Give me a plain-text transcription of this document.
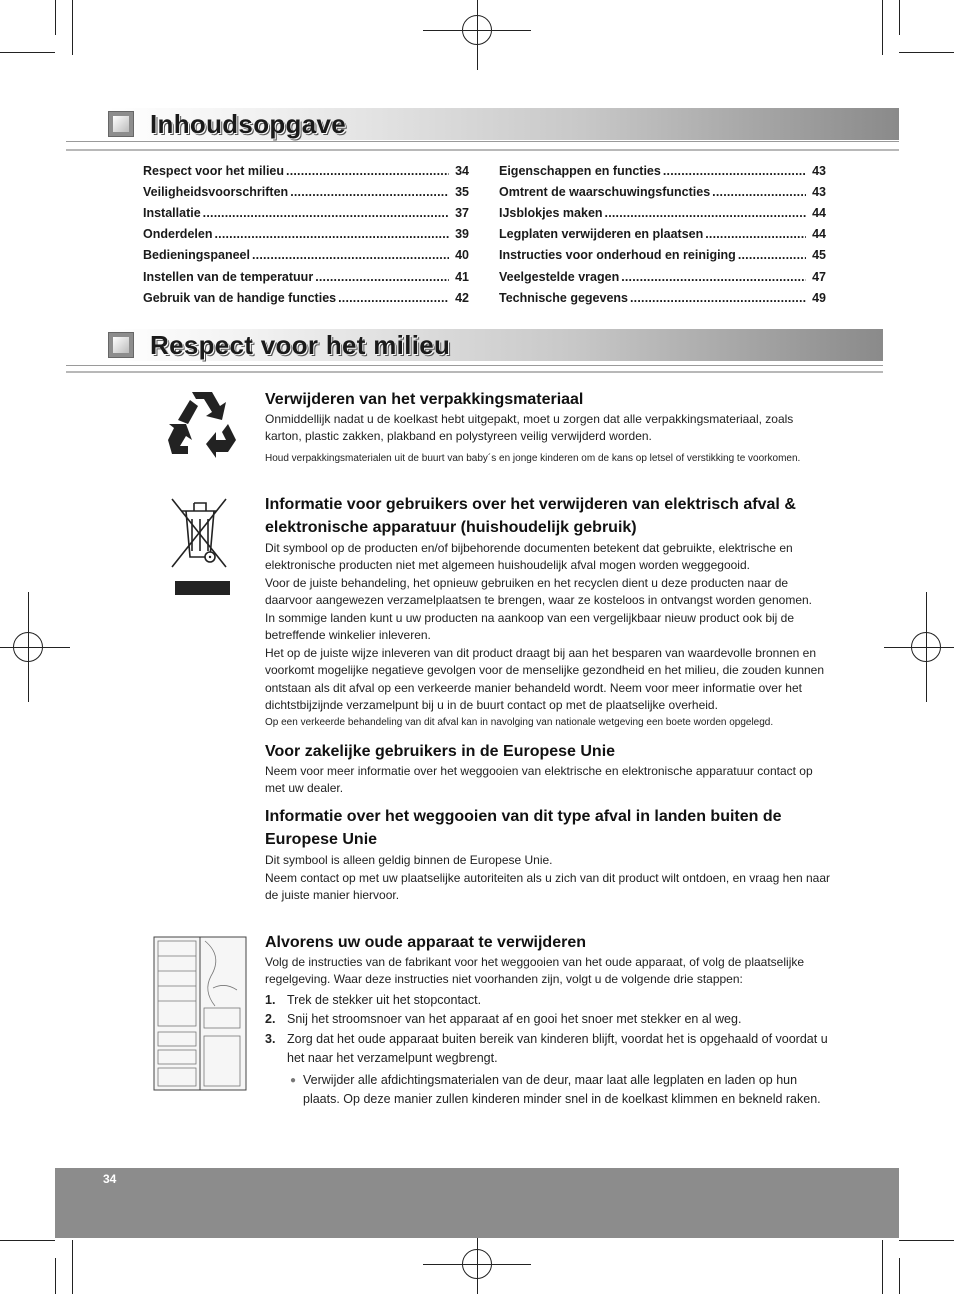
Inhoudsopgave
Respect voor het milieu .....	34
Veiligheidsvoorschriften .....	35
Installatie .....	37
Onderdelen .....	39
Bedieningspaneel .....	40
Instellen van de temperatuur .....	41
Gebruik van de handige functies .....	42
Eigenschappen en functies .....	43
Omtrent de waarschuwingsfuncties .....	43
IJsblokjes maken .....	44
Legplaten verwijderen en plaatsen .....	44
Instructies voor onderhoud en reiniging .....	45
Veelgestelde vragen .....	47
Technische gegevens .....	49
Respect voor het milieu
Verwijderen van het verpakkingsmateriaal
Onmiddellijk nadat u de koelkast hebt uitgepakt, moet u zorgen dat alle verpakkingsmateriaal, zoals karton, plastic zakken, plakband en polystyreen veilig verwijderd worden.
Houd verpakkingsmaterialen uit de buurt van baby´s en jonge kinderen om de kans op letsel of verstikking te voorkomen.
Informatie voor gebruikers over het verwijderen van elektrisch afval & elektronische apparatuur (huishoudelijk gebruik)
Dit symbool op de producten en/of bijbehorende documenten betekent dat gebruikte, elektrische en elektronische producten niet met algemeen huishoudelijk afval mogen worden weggegooid.
Voor de juiste behandeling, het opnieuw gebruiken en het recyclen dient u deze producten naar de daarvoor aangewezen verzamelplaatsen te brengen, waar ze kosteloos in ontvangst worden genomen.
In sommige landen kunt u uw producten na aankoop van een vergelijkbaar nieuw product ook bij de betreffende winkelier inleveren.
Het op de juiste wijze inleveren van dit product draagt bij aan het besparen van waardevolle bronnen en voorkomt mogelijke negatieve gevolgen voor de menselijke gezondheid en het milieu, die zouden kunnen ontstaan als dit afval op een verkeerde manier behandeld wordt. Neem voor meer informatie over het dichtstbijzijnde verzamelpunt bij u in de buurt contact op met de plaatselijke overheid.
Op een verkeerde behandeling van dit afval kan in navolging van nationale wetgeving een boete worden opgelegd.
Voor zakelijke gebruikers in de Europese Unie
Neem voor meer informatie over het weggooien van elektrische en elektronische apparatuur contact op met uw dealer.
Informatie over het weggooien van dit type afval in landen buiten de Europese Unie
Dit symbool is alleen geldig binnen de Europese Unie.
Neem contact op met uw plaatselijke autoriteiten als u zich van dit product wilt ontdoen, en vraag hen naar de juiste manier hiervoor.
Alvorens uw oude apparaat te verwijderen
Volg de instructies van de fabrikant voor het weggooien van het oude apparaat, of volg de plaatselijke regelgeving. Waar deze instructies niet voorhanden zijn, volgt u de volgende drie stappen:
1. Trek de stekker uit het stopcontact.
2. Snij het stroomsnoer van het apparaat af en gooi het snoer met stekker en al weg.
3. Zorg dat het oude apparaat buiten bereik van kinderen blijft, voordat het is opgehaald of voordat u het naar het verzamelpunt wegbrengt.
● Verwijder alle afdichtingsmaterialen van de deur, maar laat alle legplaten en laden op hun plaats. Op deze manier zullen kinderen minder snel in de koelkast klimmen en bekneld raken.
34
